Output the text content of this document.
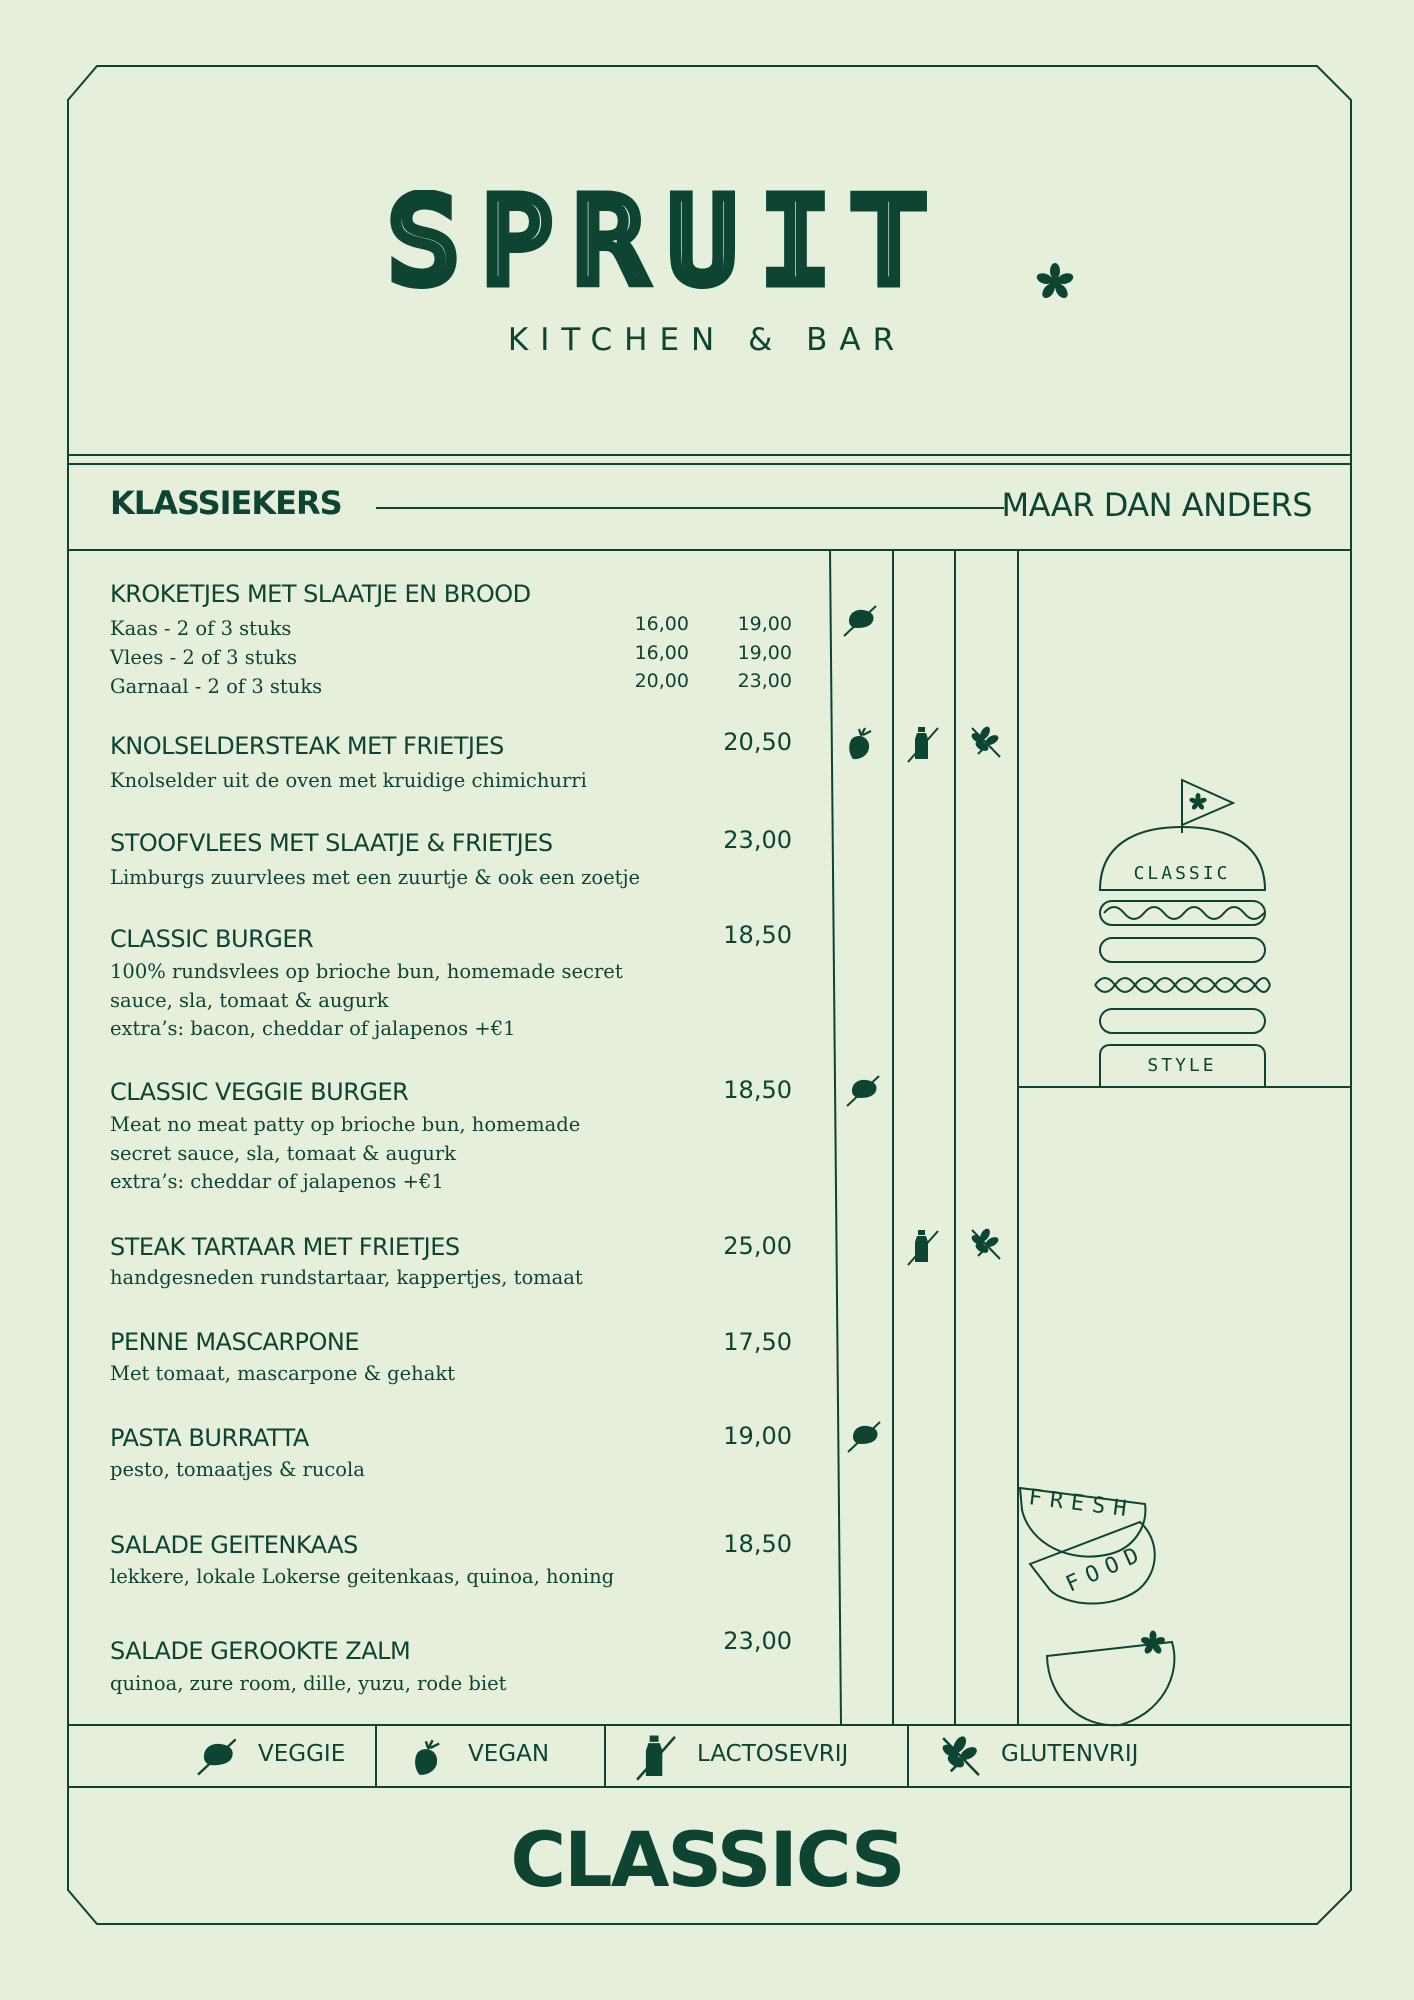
SPRUIT
KITCHEN & BAR
KLASSIEKERS	MAAR DAN ANDERS
KROKETJES MET SLAATJE EN BROOD
Kaas - 2 of 3 stuks	16,00	19,00
Vlees - 2 of 3 stuks	16,00	19,00
Garnaal - 2 of 3 stuks	20,00	23,00
KNOLSELDERSTEAK MET FRIETJES	20,50
Knolselder uit de oven met kruidige chimichurri
STOOFVLEES MET SLAATJE & FRIETJES	23,00
Limburgs zuurvlees met een zuurtje & ook een zoetje
CLASSIC BURGER	18,50
100% rundsvlees op brioche bun, homemade secret
sauce, sla, tomaat & augurk
extra’s: bacon, cheddar of jalapenos +€1
CLASSIC VEGGIE BURGER	18,50
Meat no meat patty op brioche bun, homemade
secret sauce, sla, tomaat & augurk
extra’s: cheddar of jalapenos +€1
STEAK TARTAAR MET FRIETJES	25,00
handgesneden rundstartaar, kappertjes, tomaat
PENNE MASCARPONE	17,50
Met tomaat, mascarpone & gehakt
PASTA BURRATTA	19,00
pesto, tomaatjes & rucola
SALADE GEITENKAAS	18,50
lekkere, lokale Lokerse geitenkaas, quinoa, honing
SALADE GEROOKTE ZALM	23,00
quinoa, zure room, dille, yuzu, rode biet
CLASSIC
STYLE
FRESH
FOOD
VEGGIE	VEGAN	LACTOSEVRIJ	GLUTENVRIJ
CLASSICS
